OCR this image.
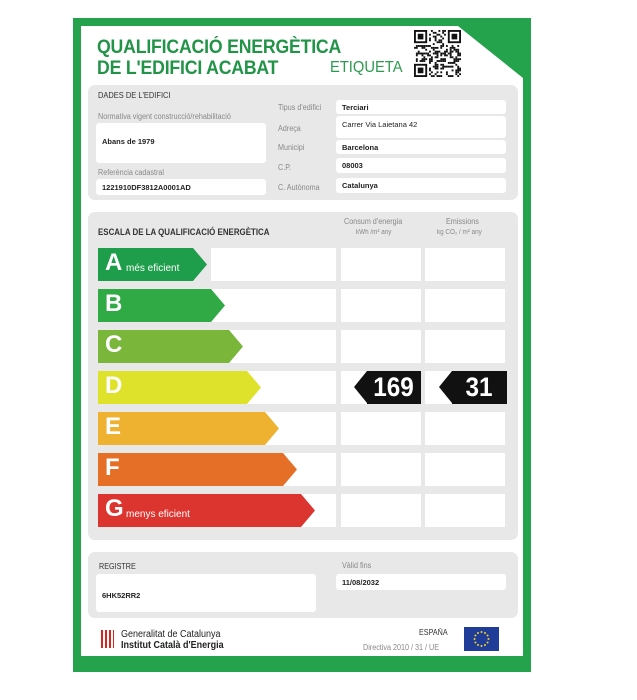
QUALIFICACIÓ ENERGÈTICA
DE L'EDIFICI ACABAT	ETIQUETA
DADES DE L'EDIFICI
Normativa vigent construcció/rehabilitació
Abans de 1979
Referència cadastral
1221910DF3812A0001AD
Tipus d'edifici	Terciari
Adreça	Carrer Via Laietana 42
Municipi	Barcelona
C.P.	08003
C. Autònoma	Catalunya
ESCALA DE LA QUALIFICACIÓ ENERGÈTICA
Consum d'energia
kWh /m² any
Emissions
kg CO₂ / m² any
A més eficient
B
C
D	169	31
E
F
G menys eficient
REGISTRE
6HK52RR2
Vàlid fins
11/08/2032
Generalitat de Catalunya
Institut Català d'Energia
ESPAÑA
Directiva 2010 / 31 / UE
